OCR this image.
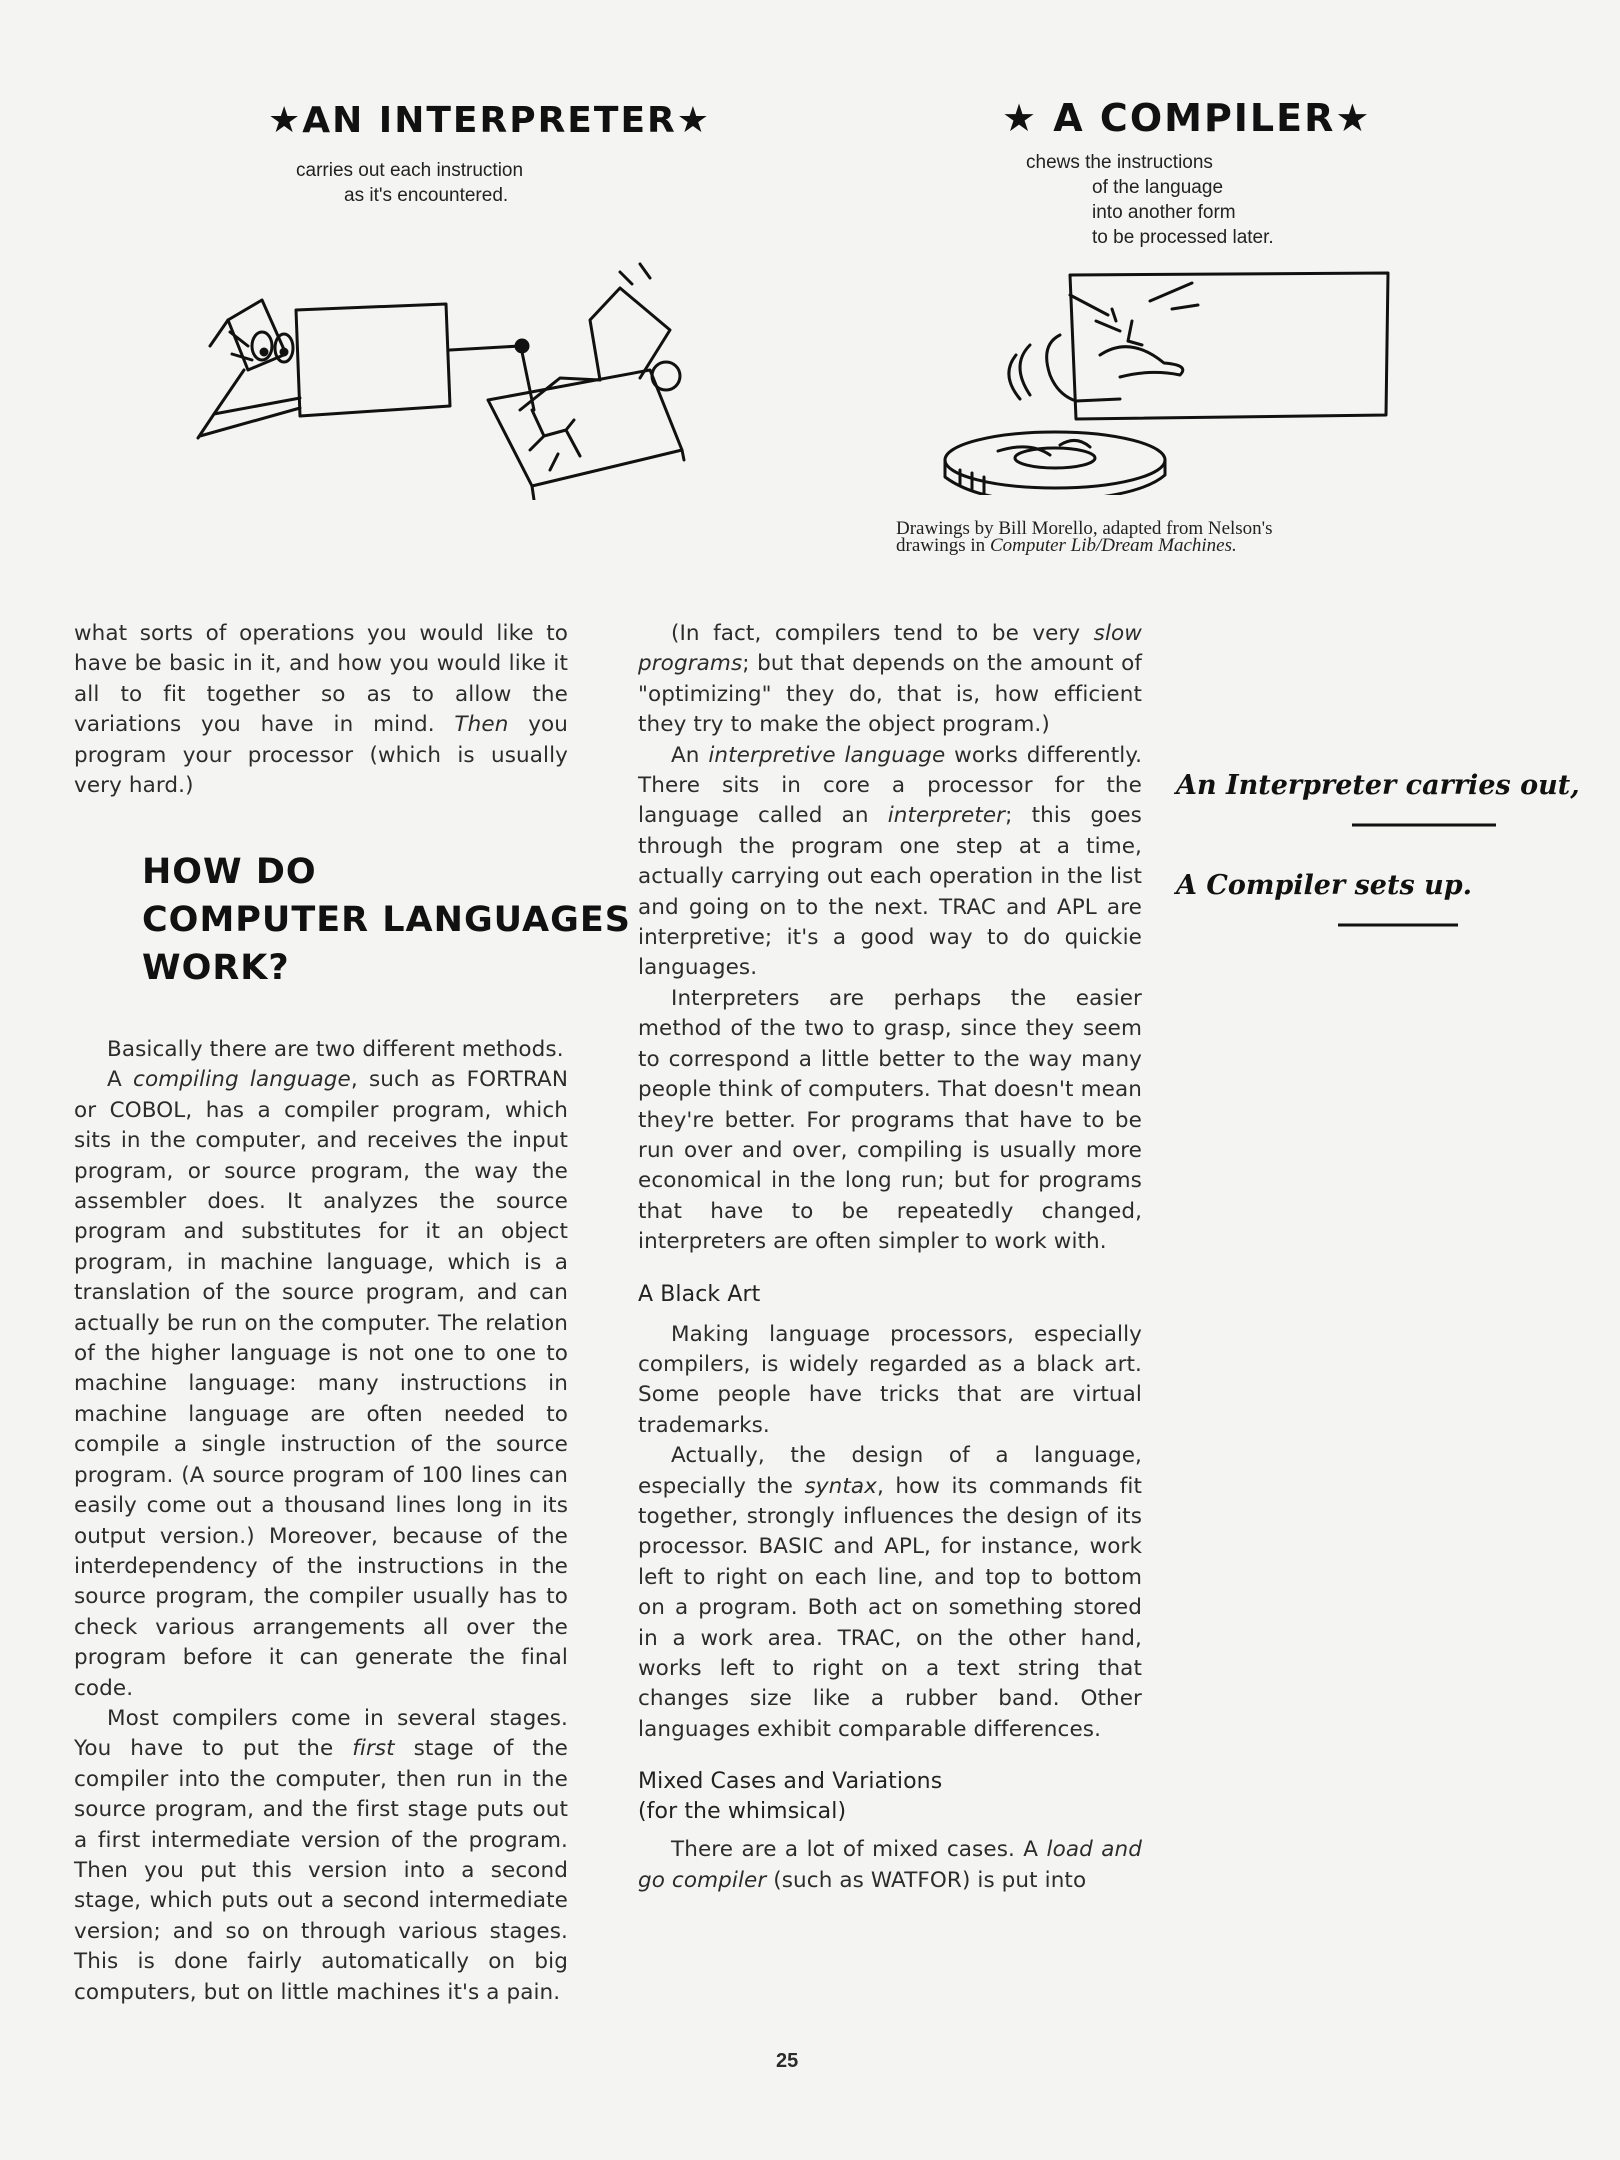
★AN INTERPRETER★
carries out each instruction
as it's encountered.
★ A COMPILER★
chews the instructions
of the language
into another form
to be processed later.
Drawings by Bill Morello, adapted from Nelson's
drawings in Computer Lib/Dream Machines.

what sorts of operations you would like to have be basic in it, and how you would like it all to fit together so as to allow the variations you have in mind. Then you program your processor (which is usually very hard.)

HOW DO
COMPUTER LANGUAGES
WORK?

Basically there are two different methods.

A compiling language, such as FORTRAN or COBOL, has a compiler program, which sits in the computer, and receives the input program, or source program, the way the assembler does. It analyzes the source program and substitutes for it an object program, in machine language, which is a translation of the source program, and can actually be run on the computer. The relation of the higher language is not one to one to machine language: many instructions in machine language are often needed to compile a single instruction of the source program. (A source program of 100 lines can easily come out a thousand lines long in its output version.) Moreover, because of the interdependency of the instructions in the source program, the compiler usually has to check various arrangements all over the program before it can generate the final code.

Most compilers come in several stages. You have to put the first stage of the compiler into the computer, then run in the source program, and the first stage puts out a first intermediate version of the program. Then you put this version into a second stage, which puts out a second intermediate version; and so on through various stages. This is done fairly automatically on big computers, but on little machines it's a pain.

(In fact, compilers tend to be very slow programs; but that depends on the amount of "optimizing" they do, that is, how efficient they try to make the object program.)

An interpretive language works differently. There sits in core a processor for the language called an interpreter; this goes through the program one step at a time, actually carrying out each operation in the list and going on to the next. TRAC and APL are interpretive; it's a good way to do quickie languages.

Interpreters are perhaps the easier method of the two to grasp, since they seem to correspond a little better to the way many people think of computers. That doesn't mean they're better. For programs that have to be run over and over, compiling is usually more economical in the long run; but for programs that have to be repeatedly changed, interpreters are often simpler to work with.

A Black Art

Making language processors, especially compilers, is widely regarded as a black art. Some people have tricks that are virtual trademarks.

Actually, the design of a language, especially the syntax, how its commands fit together, strongly influences the design of its processor. BASIC and APL, for instance, work left to right on each line, and top to bottom on a program. Both act on something stored in a work area. TRAC, on the other hand, works left to right on a text string that changes size like a rubber band. Other languages exhibit comparable differences.

Mixed Cases and Variations
(for the whimsical)

There are a lot of mixed cases. A load and go compiler (such as WATFOR) is put into

An Interpreter carries out,
A Compiler sets up.
25
